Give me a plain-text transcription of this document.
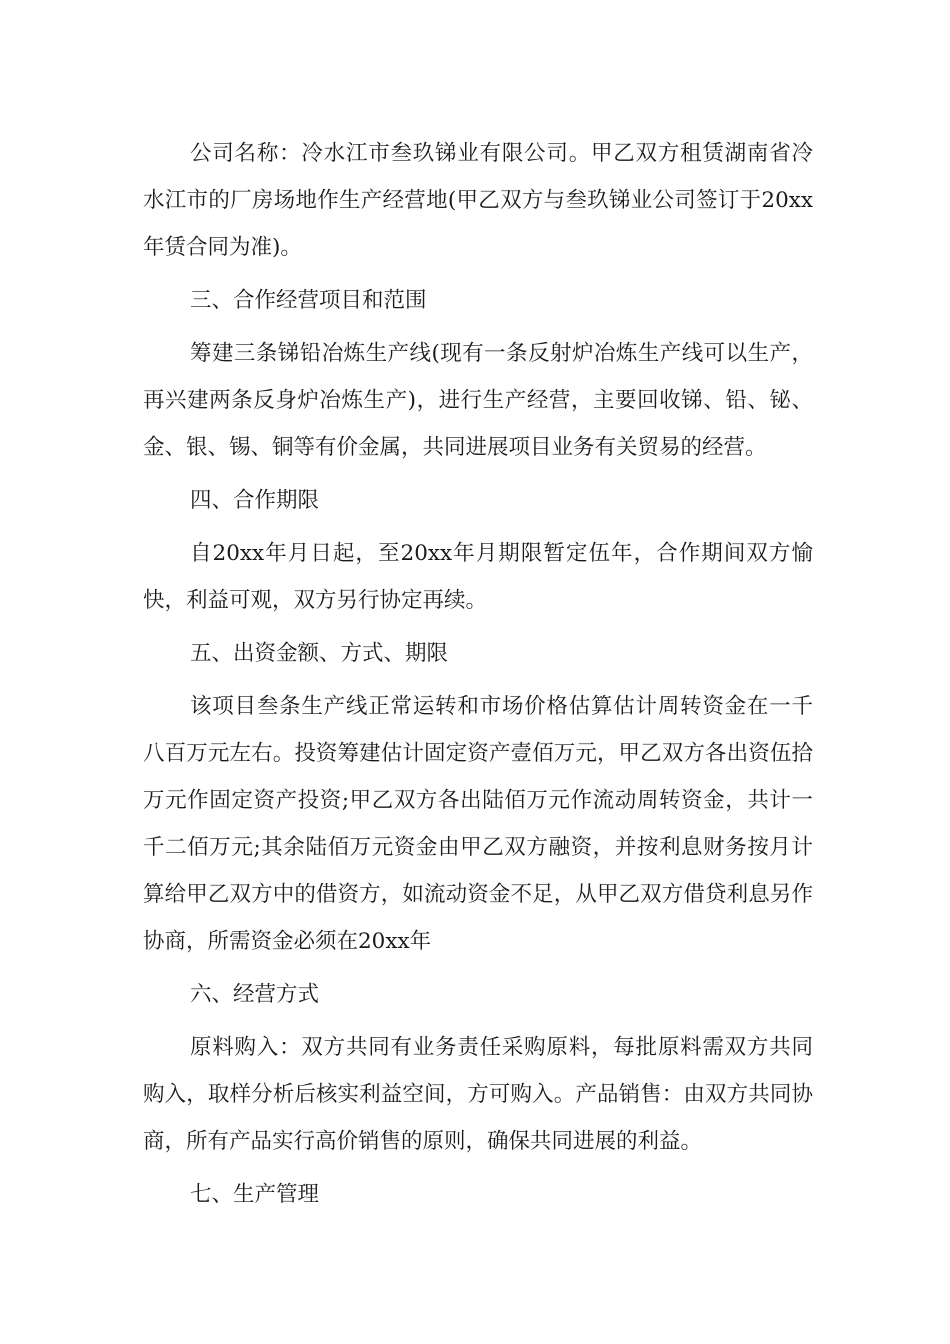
公司名称：冷水江市叁玖锑业有限公司。甲乙双方租赁湖南省冷水江市的厂房场地作生产经营地(甲乙双方与叁玖锑业公司签订于20xx年赁合同为准)。

三、合作经营项目和范围

筹建三条锑铅冶炼生产线(现有一条反射炉冶炼生产线可以生产，再兴建两条反身炉冶炼生产)，进行生产经营，主要回收锑、铅、铋、金、银、锡、铜等有价金属，共同进展项目业务有关贸易的经营。

四、合作期限

自20xx年月日起，至20xx年月期限暂定伍年，合作期间双方愉快，利益可观，双方另行协定再续。

五、出资金额、方式、期限

该项目叁条生产线正常运转和市场价格估算估计周转资金在一千八百万元左右。投资筹建估计固定资产壹佰万元，甲乙双方各出资伍拾万元作固定资产投资;甲乙双方各出陆佰万元作流动周转资金，共计一千二佰万元;其余陆佰万元资金由甲乙双方融资，并按利息财务按月计算给甲乙双方中的借资方，如流动资金不足，从甲乙双方借贷利息另作协商，所需资金必须在20xx年

六、经营方式

原料购入：双方共同有业务责任采购原料，每批原料需双方共同购入，取样分析后核实利益空间，方可购入。产品销售：由双方共同协商，所有产品实行高价销售的原则，确保共同进展的利益。

七、生产管理
